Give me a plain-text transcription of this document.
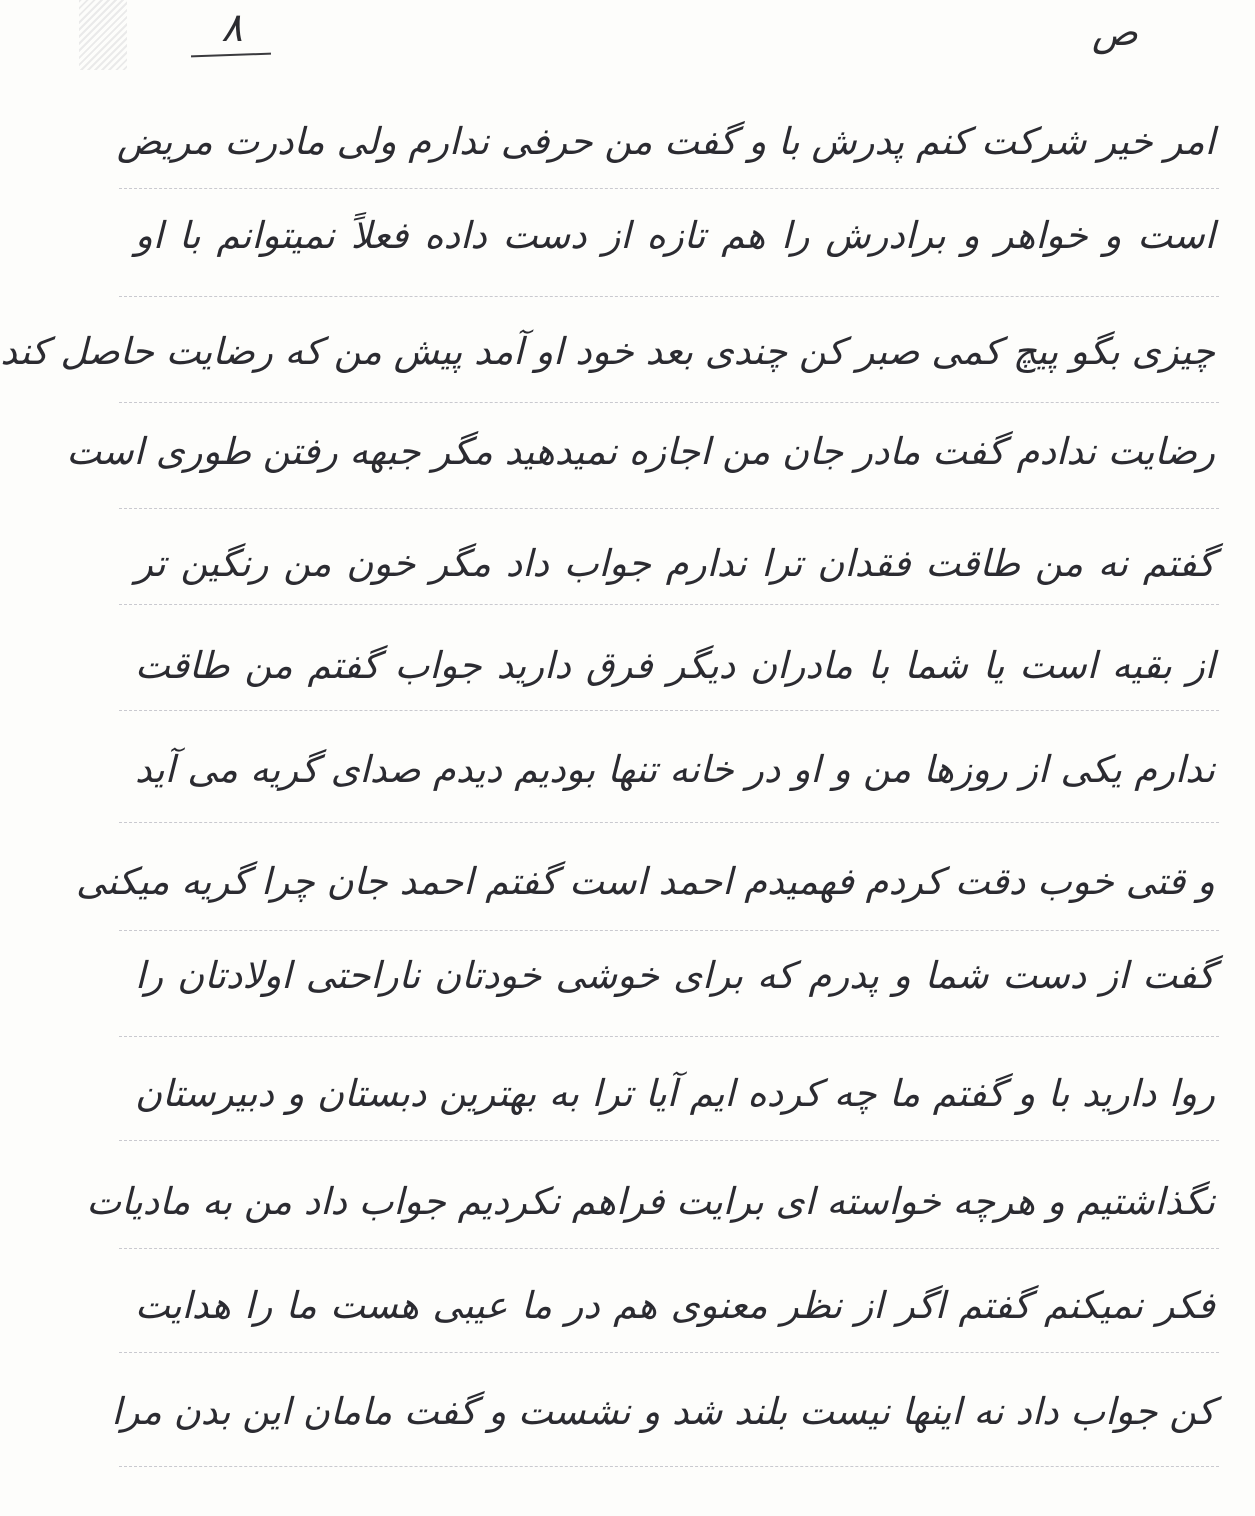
۸	ص
امر خیر شرکت کنم پدرش با و گفت من حرفی ندارم ولی مادرت مریض
است و خواهر و برادرش را هم تازه از دست داده فعلاً نمیتوانم با او
چیزی بگو پیچ کمی صبر کن چندی بعد خود او آمد پیش من که رضایت حاصل کند
رضایت ندادم گفت مادر جان من اجازه نمیدهید مگر جبهه رفتن طوری است
گفتم نه من طاقت فقدان ترا ندارم جواب داد مگر خون من رنگین تر
از بقیه است یا شما با مادران دیگر فرق دارید جواب گفتم من طاقت
ندارم یکی از روزها من و او در خانه تنها بودیم دیدم صدای گریه می آید
و قتی خوب دقت کردم فهمیدم احمد است گفتم احمد جان چرا گریه میکنی
گفت از دست شما و پدرم که برای خوشی خودتان ناراحتی اولادتان را
روا دارید با و گفتم ما چه کرده ایم آیا ترا به بهترین دبستان و دبیرستان
نگذاشتیم و هرچه خواسته ای برایت فراهم نکردیم جواب داد من به مادیات
فکر نمیکنم گفتم اگر از نظر معنوی هم در ما عیبی هست ما را هدایت
کن جواب داد نه اینها نیست بلند شد و نشست و گفت مامان این بدن مرا
